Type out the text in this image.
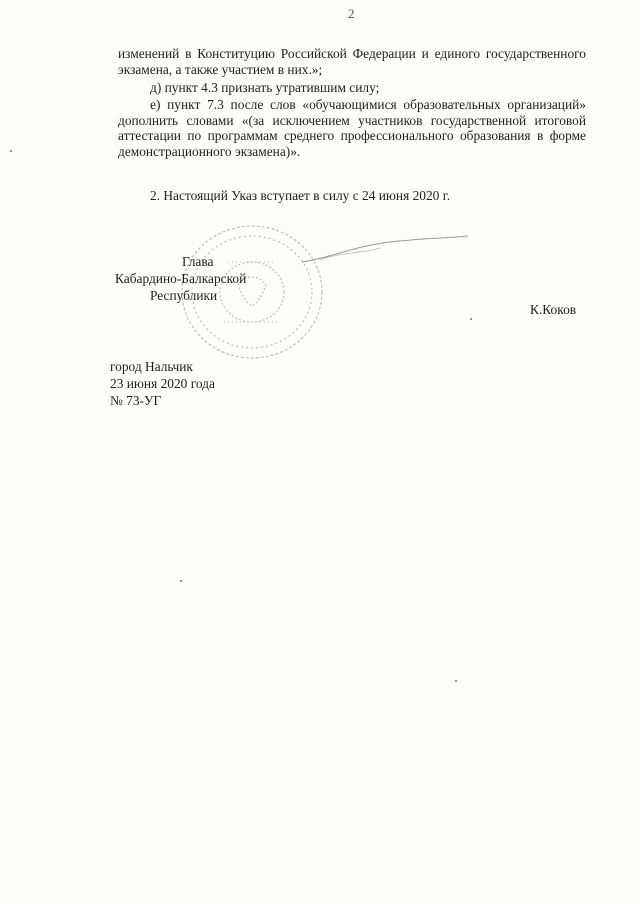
2
изменений в Конституцию Российской Федерации и единого государственного экзамена, а также участием в них.»;
д) пункт 4.3 признать утратившим силу;
е) пункт 7.3 после слов «обучающимися образовательных организаций» дополнить словами «(за исключением участников государственной итоговой аттестации по программам среднего профессионального образования в форме демонстрационного экзамена)».
2. Настоящий Указ вступает в силу с 24 июня 2020 г.
Глава
Кабардино-Балкарской
Республики
К.Коков
город Нальчик
23 июня 2020 года
№ 73-УГ
